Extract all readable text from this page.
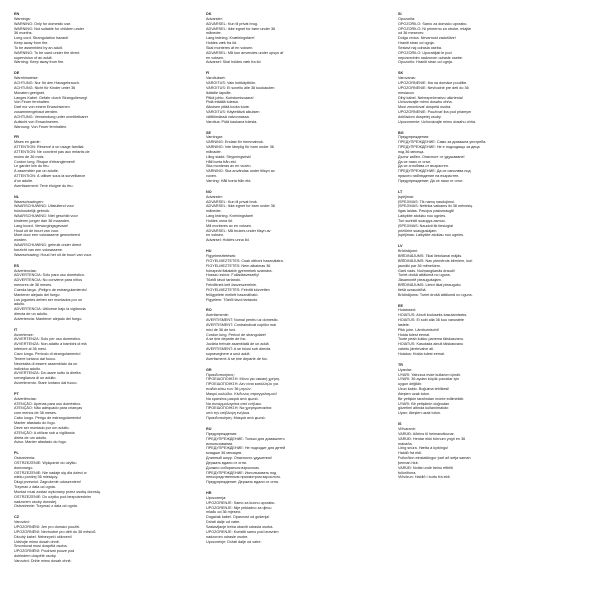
EN
Warnings:
WARNING: Only for domestic use.
WARNING: Not suitable for children under
36 months.
Long cord. Strangulation hazard!
Keep away from fire.
To be assembled by an adult.
WARNING: To be used under the direct
supervision of an adult.
Warning: Keep away from fire.
DE
Warnhinweise:
ACHTUNG: Nur für den Hausgebrauch.
ACHTUNG: Nicht für Kinder unter 36
Monaten geeignet.
Langes Kabel. Gefahr durch Strangulierung!
Von Feuer fernhalten.
Darf nur von einem Erwachsenen
zusammengebaut werden.
ACHTUNG: Verwendung unter unmittelbarer
Aufsicht von Erwachsenen.
Warnung: Von Feuer fernhalten.
FR
Mises en garde:
ATTENTION: Réservé à un usage familial.
ATTENTION: Ne convient pas aux enfants de
moins de 36 mois.
Cordon long. Risque d'étranglement!
Le garder loin du feu.
À assembler par un adulte.
ATTENTION: À utiliser sous la surveillance
d'un adulte.
Avertissement: Tenir éloigné du feu.
NL
Waarschuwingen:
WAARSCHUWING: Uitsluitend voor
huishoudelijk gebruik.
WAARSCHUWING: Niet geschikt voor
kinderen jonger dan 36 maanden.
Lang koord. Verwurgingsgevaar!
Houd uit de buurt van vuur.
Moet door een volwassene gemonteerd
worden.
WAARSCHUWING: gebruik onder direct
toezicht van een volwassene.
Waarschuwing: Houd het uit de buurt van vuur.
ES
Advertencias:
ADVERTENCIA: Sólo para uso doméstico.
ADVERTENCIA: No conviene para niños
menores de 36 meses.
Cuerda larga. ¡Peligro de estrangulamiento!
Mantener alejado del fuego.
Los juguetes deben ser montados por un
adulto.
ADVERTENCIA: Utilícese bajo la vigilancia
directa de un adulto.
Advertencia: Mantener alejado del fuego.
IT
Avvertenze:
AVVERTENZA: Solo per uso domestico.
AVVERTENZA: Non adatto a bambini di età
inferiore ai 36 mesi.
Cavo lungo. Pericolo di strangolamento!
Tenere lontano dal fuoco.
Necessita di essere assemblato da un
individuo adulto.
AVVERTENZA: Da usare sotto la diretta
sorveglianza di un adulto.
Avvertimento: Stare lontano dal fuoco.
PT
Advertências:
ATENÇÃO: Apenas para uso doméstico.
ATENÇÃO: Não adequado para crianças
com menos de 36 meses.
Cabo longo. Perigo de estrangulamento!
Manter afastado do fogo.
Deve ser montado por um adulto.
ATENÇÃO: A utilizar sob a vigilância
direta de um adulto.
Aviso: Manter afastado do fogo.
PL
Ostrzeżenia:
OSTRZEŻENIE: Wyłącznie do użytku
domowego.
OSTRZEŻENIE: Nie nadaje się dla dzieci w
wieku poniżej 36 miesięcy.
Długi przewód. Zagrożenie uduszeniem!
Trzymać z dala od ognia.
Montaż musi zostać wykonany przez osobę dorosłą.
OSTRZEŻENIE: Do użytku pod bezpośrednim
nadzorem osoby dorosłej.
Ostrzeżenie: Trzymać z dala od ognia.
CZ
Varování:
UPOZORNĚNÍ: Jen pro domácí použití.
UPOZORNĚNÍ: Nevhodné pro děti do 36 měsíců.
Dlouhý kabel. Nebezpečí uškrcení!
Udržujte mimo dosah ohně.
Smontovat musí dospělá osoba.
UPOZORNĚNÍ: Používat pouze pod
dohledem dospělé osoby.
Varování: Držte mimo dosah ohně.
DK
Advarsler:
ADVARSEL: Kun til privat brug.
ADVARSEL: Ikke egnet for børn under 36
måneder.
Lang ledning. Kvælningsfare!
Holdes væk fra ild.
Skal monteres af en voksen.
ADVARSEL: Må kun anvendes under opsyn af
en voksen.
Advarsel: Skal holdes væk fra ild.
FI
Varoitukset:
VAROITUS: Vain kotikäyttöön.
VAROITUS: Ei sovellu alle 36 kuukauden
ikäisille lapsille.
Pitkä johto. Kuristumisvaara!
Pidä etäällä tulesta.
Aikuisen pitää koota tuote.
VAROITUS: Käytettävä aikuisen
välittömässä valvonnassa.
Varoitus: Pidä kaukana tulesta.
SE
Varningar:
VARNING: Endast för hemmabruk.
VARNING: Inte lämplig för barn under 36
månader.
Lång sladd. Strypningsrisk!
Håll borta från eld.
Ska monteras av en vuxen.
VARNING: Ska användas under tillsyn av
vuxen.
Varning: Håll borta från eld.
NO
Advarsler:
ADVARSEL: Kun til privat bruk.
ADVARSEL: Ikke egnet for barn under 36
måneder.
Lang ledning. Kvelningsfare!
Holdes unna ild.
Må monteres av en voksen.
ADVARSEL: Må brukes under tilsyn av
en voksen.
Advarsel: Holdes unna ild.
HU
Figyelmeztetések:
FIGYELMEZTETÉS: Csak otthoni használatra.
FIGYELMEZTETÉS: Nem alkalmas 36
hónapnál fiatalabb gyermekek számára.
Hosszú zsinór. Fulladásveszély!
Tűztől távol tartandó.
Felnőttnek kell összeszerelnie.
FIGYELMEZTETÉS: Felnőtt közvetlen
felügyelete mellett használható.
Figyelem: Tűztől távol tartandó.
RO
Avertismente:
AVERTISMENT: Numai pentru uz domestic.
AVERTISMENT: Contraindicat copiilor mai
mici de 36 de luni.
Cordon lung. Pericol de strangulare!
A se ține departe de foc.
Jucăria trebuie asamblată de un adult.
AVERTISMENT: A se folosi sub directa
supraveghere a unui adult.
Avertisment: A se ține departe de foc.
GR
Προειδοποιήσεις:
ΠΡΟΕΙΔΟΠΟΙΗΣΗ: Μόνο για οικιακή χρήση.
ΠΡΟΕΙΔΟΠΟΙΗΣΗ: Δεν είναι κατάλληλο για
παιδιά κάτω των 36 μηνών.
Μακρύ καλώδιο. Κίνδυνος στραγγαλισμού!
Να κρατιέται μακριά από φωτιά.
Να συναρμολογείται από ενήλικα.
ΠΡΟΕΙΔΟΠΟΙΗΣΗ: Να χρησιμοποιείται
υπό την επίβλεψη ενήλικα.
Προειδοποίηση: Μακριά από φωτιά.
RU
Предупреждения:
ПРЕДУПРЕЖДЕНИЕ: Только для домашнего
использования.
ПРЕДУПРЕЖДЕНИЕ: Не подходит для детей
младше 36 месяцев.
Длинный шнур. Опасность удушения!
Держать вдали от огня.
Должно собираться взрослым.
ПРЕДУПРЕЖДЕНИЕ: Использовать под
непосредственным присмотром взрослого.
Предупреждение: Держать вдали от огня.
HR
Upozorenja:
UPOZORENJE: Samo za kućnu uporabu.
UPOZORENJE: Nije prikladno za djecu
mlađu od 36 mjeseci.
Dugačak kabel. Opasnost od gušenja!
Držati dalje od vatre.
Sastavljanje treba obaviti odrasla osoba.
UPOZORENJE: Koristiti samo pod izravnim
nadzorom odrasle osobe.
Upozorenje: Držati dalje od vatre.
SI
Opozorila:
OPOZORILO: Samo za domačo uporabo.
OPOZORILO: Ni primerno za otroke, mlajše
od 36 mesecev.
Dolga vrvica. Nevarnost zadušitve!
Hraniti stran od ognja.
Sestavi naj odrasla oseba.
OPOZORILO: Uporabljati le pod
neposrednim nadzorom odrasle osebe.
Opozorilo: Hraniti stran od ognja.
SK
Varovania:
UPOZORNENIE: Iba na domáce použitie.
UPOZORNENIE: Nevhodné pre deti do 36
mesiacov.
Dlhý kábel. Nebezpečenstvo uškrtenia!
Uchovávajte mimo dosahu ohňa.
Musí zmontovať dospelá osoba.
UPOZORNENIE: Používať iba pod priamym
dohľadom dospelej osoby.
Upozornenie: Uchovávajte mimo dosahu ohňa.
BG
Предупреждения:
ПРЕДУПРЕЖДЕНИЕ: Само за домашна употреба.
ПРЕДУПРЕЖДЕНИЕ: Не е подходящо за деца
под 36 месеца.
Дълъг кабел. Опасност от удушаване!
Да се пази от огън.
Да се сглобява от възрастен.
ПРЕДУПРЕЖДЕНИЕ: Да се използва под
прякото наблюдение на възрастен.
Предупреждение: Да се пази от огън.
LT
Įspėjimai:
ĮSPĖJIMAS: Tik namų naudojimui.
ĮSPĖJIMAS: Netinka vaikams iki 36 mėnesių.
Ilgas laidas. Pavojus pasismaugti!
Laikykite atokiau nuo ugnies.
Turi surinkti suaugęs asmuo.
ĮSPĖJIMAS: Naudoti tik tiesiogiai
prižiūrint suaugusiajam.
Įspėjimas: Laikykite atokiau nuo ugnies.
LV
Brīdinājumi:
BRĪDINĀJUMS: Tikai lietošanai mājās.
BRĪDINĀJUMS: Nav piemērots bērniem, kuri
jaunāki par 36 mēnešiem.
Garš vads. Nožņaugšanās draudi!
Turiet drošā attālumā no uguns.
Jāsamontē pieaugušajam.
BRĪDINĀJUMS: Lietot tikai pieaugušo
tiešā uzraudzībā.
Brīdinājums: Turiet drošā attālumā no uguns.
EE
Hoiatused:
HOIATUS: Ainult koduseks kasutamiseks.
HOIATUS: Ei sobi alla 36 kuu vanustele
lastele.
Pikk juhe. Lämbumisoht!
Hoida tulest eemal.
Toote peab kokku panema täiskasvanu.
HOIATUS: Kasutada ainult täiskasvanu
vahetu järelevalve all.
Hoiatus: Hoida tulest eemal.
TR
Uyarılar:
UYARI: Yalnızca evde kullanım içindir.
UYARI: 36 aydan küçük çocuklar için
uygun değildir.
Uzun kablo. Boğulma tehlikesi!
Ateşten uzak tutun.
Bir yetişkin tarafından monte edilmelidir.
UYARI: Bir yetişkinin doğrudan
gözetimi altında kullanılmalıdır.
Uyarı: Ateşten uzak tutun.
IS
Viðvaranir:
VARÚÐ: Aðeins til heimanotkunar.
VARÚÐ: Hentar ekki börnum yngri en 36
mánaða.
Löng snúra. Hætta á kyrkingu!
Haldið frá eldi.
Fullorðinn einstaklingur þarf að setja saman
þennan hlut.
VARÚÐ: Notist undir beinu eftirliti
fullorðinna.
Viðvörun: Haldið í burtu frá eldi.
